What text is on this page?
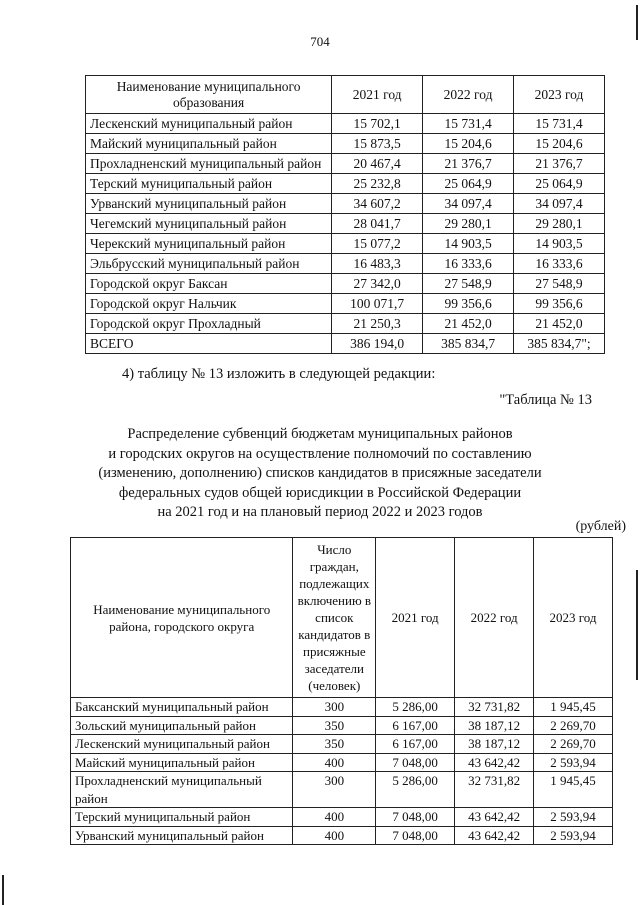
704
Наименование муниципального образования	2021 год	2022 год	2023 год
Лескенский муниципальный район	15 702,1	15 731,4	15 731,4
Майский муниципальный район	15 873,5	15 204,6	15 204,6
Прохладненский муниципальный район	20 467,4	21 376,7	21 376,7
Терский муниципальный район	25 232,8	25 064,9	25 064,9
Урванский муниципальный район	34 607,2	34 097,4	34 097,4
Чегемский муниципальный район	28 041,7	29 280,1	29 280,1
Черекский муниципальный район	15 077,2	14 903,5	14 903,5
Эльбрусский муниципальный район	16 483,3	16 333,6	16 333,6
Городской округ Баксан	27 342,0	27 548,9	27 548,9
Городской округ Нальчик	100 071,7	99 356,6	99 356,6
Городской округ Прохладный	21 250,3	21 452,0	21 452,0
ВСЕГО	386 194,0	385 834,7	385 834,7";
4) таблицу № 13 изложить в следующей редакции:
"Таблица № 13
Распределение субвенций бюджетам муниципальных районов
и городских округов на осуществление полномочий по составлению
(изменению, дополнению) списков кандидатов в присяжные заседатели
федеральных судов общей юрисдикции в Российской Федерации
на 2021 год и на плановый период 2022 и 2023 годов
(рублей)
Наименование муниципального района, городского округа	Число граждан, подлежащих включению в список кандидатов в присяжные заседатели (человек)	2021 год	2022 год	2023 год
Баксанский муниципальный район	300	5 286,00	32 731,82	1 945,45
Зольский муниципальный район	350	6 167,00	38 187,12	2 269,70
Лескенский муниципальный район	350	6 167,00	38 187,12	2 269,70
Майский муниципальный район	400	7 048,00	43 642,42	2 593,94
Прохладненский муниципальный район	300	5 286,00	32 731,82	1 945,45
Терский муниципальный район	400	7 048,00	43 642,42	2 593,94
Урванский муниципальный район	400	7 048,00	43 642,42	2 593,94
